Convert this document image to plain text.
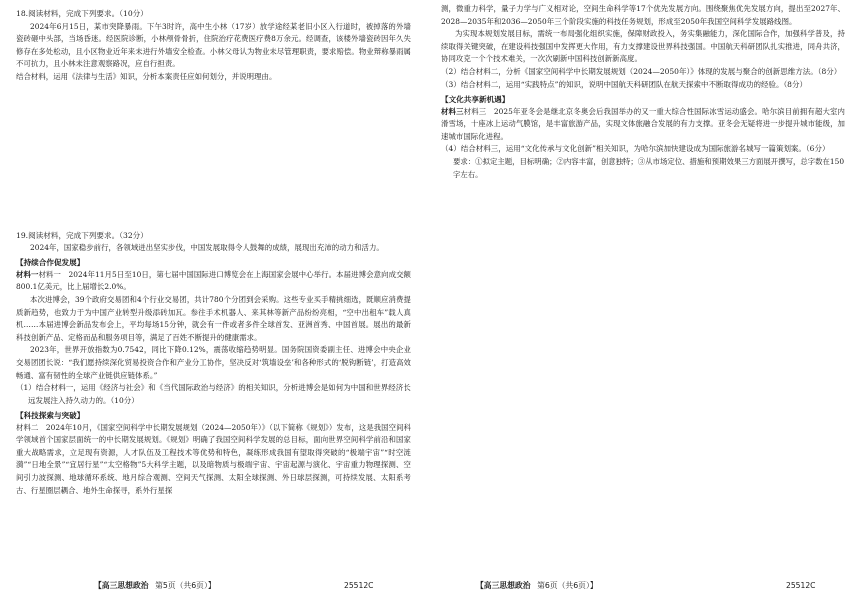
18.阅读材料，完成下列要求。（10分）

2024年6月15日，某市突降暴雨。下午3时许，高中生小林（17岁）放学途经某老旧小区入行道时，被掉落的外墙瓷砖砸中头部，当场昏迷。经医院诊断，小林颅骨骨折，住院治疗花费医疗费8万余元。经调查，该楼外墙瓷砖因年久失修存在多处松动，且小区物业近年来未进行外墙安全检查。小林父母认为物业未尽管理职责，要求赔偿。物业辩称暴雨属不可抗力，且小林未注意观察路况，应自行担责。

结合材料，运用《法律与生活》知识，分析本案责任应如何划分，并说明理由。

19.阅读材料，完成下列要求。（32分）

2024年，国家稳步前行，各领域迸出坚实步伐，中国发展取得令人鼓舞的成绩，展现出充沛的动力和活力。

【持续合作促发展】

材料一材料一　2024年11月5日至10日，第七届中国国际进口博览会在上海国家会展中心举行。本届进博会意向成交额800.1亿美元，比上届增长2.0%。

本次进博会，39个政府交易团和4个行业交易团，共计780个分团到会采购。这些专业买手精挑细选，既顺应消费提质新趋势，也致力于为中国产业转型升级添砖加瓦。参往手术机器人、来其林等新产品纷纷亮相，“空中出租车”载人真机……本届进博会新品发布会上，平均每场15分钟，就会有一件或者多件全球首发、亚洲首秀、中国首展。展出的最新科技创新产品、定格而品和服务项目等，满足了百姓不断提升的健康需求。

2023年，世界开放指数为0.7542，同比下降0.12%，震荡收缩趋势明显。国务院国资委副主任、进博会中央企业交易团团长说：“我们愿持续深化贸易投资合作和产业分工协作，坚决反对‘筑墙设垒’和各种形式的‘脱钩断链’，打造高效畅通、富有韧性的全球产业链供应链体系。”

（1）结合材料一，运用《经济与社会》和《当代国际政治与经济》的相关知识，分析进博会是如何为中国和世界经济长远发展注入持久动力的。（10分）

【科技探索与突破】

材料二　2024年10月，《国家空间科学中长期发展规划（2024—2050年）》（以下简称《规划》）发布，这是我国空间科学领域首个国家层面统一的中长期发展规划。《规划》明确了我国空间科学发展的总目标，面向世界空间科学前沿和国家重大战略需求，立足现有资源，人才队伍及工程技术等优势和特色，凝练形成我国有望取得突破的“极端宇宙”“时空涟漪”“日地全景”“宜居行星”“太空格物”5大科学主题，以及暗物质与极端宇宙、宇宙起源与演化、宇宙重力物理探测、空间引力波探测、地球循环系统、地月综合观测、空间天气探测、太阳全球探测、外日球层探测，可持续发展、太阳系考古、行星圈层耦合、地外生命探寻，系外行星探

【高三思想政治 第5页（共6页）】	25512C

测，微重力科学，量子力学与广义相对论，空间生命科学等17个优先发展方向。围绕聚焦优先发展方向，提出至2027年、2028—2035年和2036—2050年三个阶段实施的科技任务规划，形成至2050年我国空间科学发展路线图。

为实现本规划发展目标，需统一布局强化组织实施，保障财政投入，务实集融能力，深化国际合作，加强科学普及，持续取得关键突破，在建设科技强国中发挥更大作用，有力支撑建设世界科技强国。中国航天科研团队扎实推进，同舟共济，协同攻克一个个技术难关，一次次刷新中国科技创新新高度。

（2）结合材料二，分析《国家空间科学中长期发展规划（2024—2050年）》体现的发展与聚合的创新思维方法。（8分）

（3）结合材料二，运用“实践特点”的知识，说明中国航天科研团队在航天探索中不断取得成功的经验。（8分）

【文化共享新机遇】

材料三材料三　2025年亚冬会是继北京冬奥会后我国举办的又一重大综合性国际冰雪运动盛会。哈尔滨目前拥有超大室内滑雪场，十座冰上运动气膜馆，是丰富旅游产品，实现文体旅融合发展的有力支撑。亚冬会无疑将进一步提升城市能级，加速城市国际化进程。

（4）结合材料三，运用“文化传承与文化创新”相关知识，为哈尔滨加快建设成为国际旅游名城写一篇策划案。（6分）

要求：①拟定主题，目标明确；②内容丰富，创意独特；③从市场定位、措施和预期效果三方面展开撰写，总字数在150字左右。

【高三思想政治 第6页（共6页）】	25512C
